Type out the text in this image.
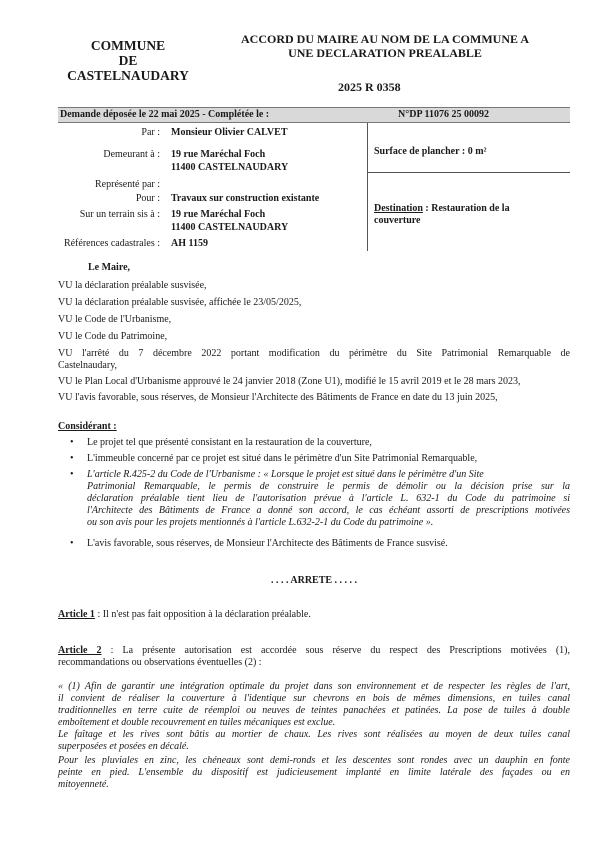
COMMUNE
DE
CASTELNAUDARY
ACCORD DU MAIRE AU NOM DE LA COMMUNE A
UNE DECLARATION PREALABLE
2025 R 0358
Demande déposée le 22 mai 2025 - Complétée le :	N°DP 11076 25 00092
Par : Monsieur Olivier CALVET
Demeurant à : 19 rue Maréchal Foch
11400 CASTELNAUDARY
Représenté par :
Pour : Travaux sur construction existante
Sur un terrain sis à : 19 rue Maréchal Foch
11400 CASTELNAUDARY
Références cadastrales : AH 1159
Surface de plancher : 0 m²
Destination : Restauration de la
couverture
Le Maire,
VU la déclaration préalable susvisée,
VU la déclaration préalable susvisée, affichée le 23/05/2025,
VU le Code de l'Urbanisme,
VU le Code du Patrimoine,
VU l'arrêté du 7 décembre 2022 portant modification du périmètre du Site Patrimonial Remarquable de
Castelnaudary,
VU le Plan Local d'Urbanisme approuvé le 24 janvier 2018 (Zone U1), modifié le 15 avril 2019 et le 28 mars 2023,
VU l'avis favorable, sous réserves, de Monsieur l'Architecte des Bâtiments de France en date du 13 juin 2025,
Considérant :
• Le projet tel que présenté consistant en la restauration de la couverture,
• L'immeuble concerné par ce projet est situé dans le périmètre d'un Site Patrimonial Remarquable,
• L'article R.425-2 du Code de l'Urbanisme : « Lorsque le projet est situé dans le périmètre d'un Site
Patrimonial Remarquable, le permis de construire le permis de démolir ou la décision prise sur la
déclaration préalable tient lieu de l'autorisation prévue à l'article L. 632-1 du Code du patrimoine si
l'Architecte des Bâtiments de France a donné son accord, le cas échéant assorti de prescriptions motivées
ou son avis pour les projets mentionnés à l'article L.632-2-1 du Code du patrimoine ».
• L'avis favorable, sous réserves, de Monsieur l'Architecte des Bâtiments de France susvisé.
. . . . ARRETE . . . . .
Article 1 : Il n'est pas fait opposition à la déclaration préalable.
Article 2 : La présente autorisation est accordée sous réserve du respect des Prescriptions motivées (1),
recommandations ou observations éventuelles (2) :
« (1) Afin de garantir une intégration optimale du projet dans son environnement et de respecter les règles de l'art,
il convient de réaliser la couverture à l'identique sur chevrons en bois de mêmes dimensions, en tuiles canal
traditionnelles en terre cuite de réemploi ou neuves de teintes panachées et patinées. La pose de tuiles à double
emboîtement et double recouvrement en tuiles mécaniques est exclue.
Le faîtage et les rives sont bâtis au mortier de chaux. Les rives sont réalisées au moyen de deux tuiles canal
superposées et posées en décalé.
Pour les pluviales en zinc, les chéneaux sont demi-ronds et les descentes sont rondes avec un dauphin en fonte
peinte en pied. L'ensemble du dispositif est judicieusement implanté en limite latérale des façades ou en
mitoyenneté.
